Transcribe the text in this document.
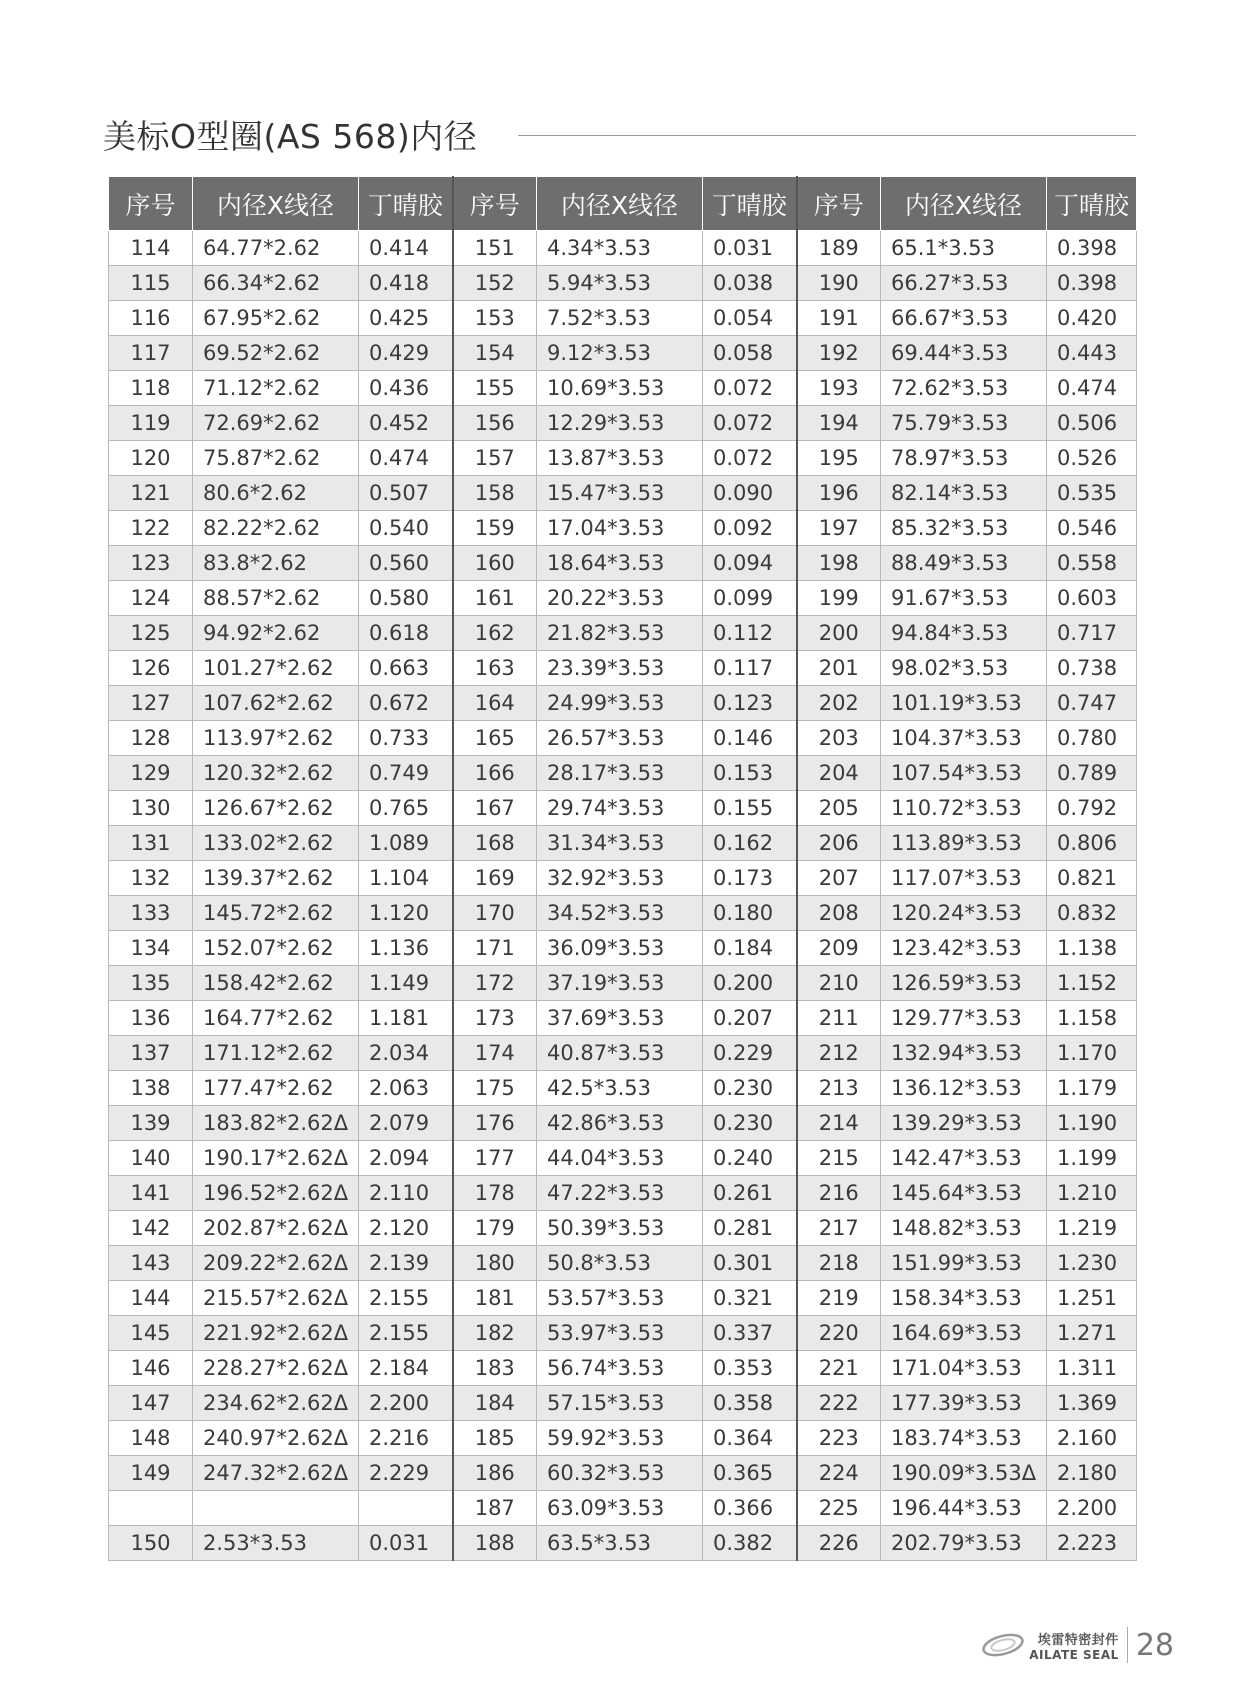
美标O型圈(AS 568)内径
序号	内径X线径	丁晴胶	序号	内径X线径	丁晴胶	序号	内径X线径	丁晴胶
114	64.77*2.62	0.414	151	4.34*3.53	0.031	189	65.1*3.53	0.398
115	66.34*2.62	0.418	152	5.94*3.53	0.038	190	66.27*3.53	0.398
116	67.95*2.62	0.425	153	7.52*3.53	0.054	191	66.67*3.53	0.420
117	69.52*2.62	0.429	154	9.12*3.53	0.058	192	69.44*3.53	0.443
118	71.12*2.62	0.436	155	10.69*3.53	0.072	193	72.62*3.53	0.474
119	72.69*2.62	0.452	156	12.29*3.53	0.072	194	75.79*3.53	0.506
120	75.87*2.62	0.474	157	13.87*3.53	0.072	195	78.97*3.53	0.526
121	80.6*2.62	0.507	158	15.47*3.53	0.090	196	82.14*3.53	0.535
122	82.22*2.62	0.540	159	17.04*3.53	0.092	197	85.32*3.53	0.546
123	83.8*2.62	0.560	160	18.64*3.53	0.094	198	88.49*3.53	0.558
124	88.57*2.62	0.580	161	20.22*3.53	0.099	199	91.67*3.53	0.603
125	94.92*2.62	0.618	162	21.82*3.53	0.112	200	94.84*3.53	0.717
126	101.27*2.62	0.663	163	23.39*3.53	0.117	201	98.02*3.53	0.738
127	107.62*2.62	0.672	164	24.99*3.53	0.123	202	101.19*3.53	0.747
128	113.97*2.62	0.733	165	26.57*3.53	0.146	203	104.37*3.53	0.780
129	120.32*2.62	0.749	166	28.17*3.53	0.153	204	107.54*3.53	0.789
130	126.67*2.62	0.765	167	29.74*3.53	0.155	205	110.72*3.53	0.792
131	133.02*2.62	1.089	168	31.34*3.53	0.162	206	113.89*3.53	0.806
132	139.37*2.62	1.104	169	32.92*3.53	0.173	207	117.07*3.53	0.821
133	145.72*2.62	1.120	170	34.52*3.53	0.180	208	120.24*3.53	0.832
134	152.07*2.62	1.136	171	36.09*3.53	0.184	209	123.42*3.53	1.138
135	158.42*2.62	1.149	172	37.19*3.53	0.200	210	126.59*3.53	1.152
136	164.77*2.62	1.181	173	37.69*3.53	0.207	211	129.77*3.53	1.158
137	171.12*2.62	2.034	174	40.87*3.53	0.229	212	132.94*3.53	1.170
138	177.47*2.62	2.063	175	42.5*3.53	0.230	213	136.12*3.53	1.179
139	183.82*2.62Δ	2.079	176	42.86*3.53	0.230	214	139.29*3.53	1.190
140	190.17*2.62Δ	2.094	177	44.04*3.53	0.240	215	142.47*3.53	1.199
141	196.52*2.62Δ	2.110	178	47.22*3.53	0.261	216	145.64*3.53	1.210
142	202.87*2.62Δ	2.120	179	50.39*3.53	0.281	217	148.82*3.53	1.219
143	209.22*2.62Δ	2.139	180	50.8*3.53	0.301	218	151.99*3.53	1.230
144	215.57*2.62Δ	2.155	181	53.57*3.53	0.321	219	158.34*3.53	1.251
145	221.92*2.62Δ	2.155	182	53.97*3.53	0.337	220	164.69*3.53	1.271
146	228.27*2.62Δ	2.184	183	56.74*3.53	0.353	221	171.04*3.53	1.311
147	234.62*2.62Δ	2.200	184	57.15*3.53	0.358	222	177.39*3.53	1.369
148	240.97*2.62Δ	2.216	185	59.92*3.53	0.364	223	183.74*3.53	2.160
149	247.32*2.62Δ	2.229	186	60.32*3.53	0.365	224	190.09*3.53Δ	2.180
			187	63.09*3.53	0.366	225	196.44*3.53	2.200
150	2.53*3.53	0.031	188	63.5*3.53	0.382	226	202.79*3.53	2.223
埃雷特密封件
AILATE SEAL 28
